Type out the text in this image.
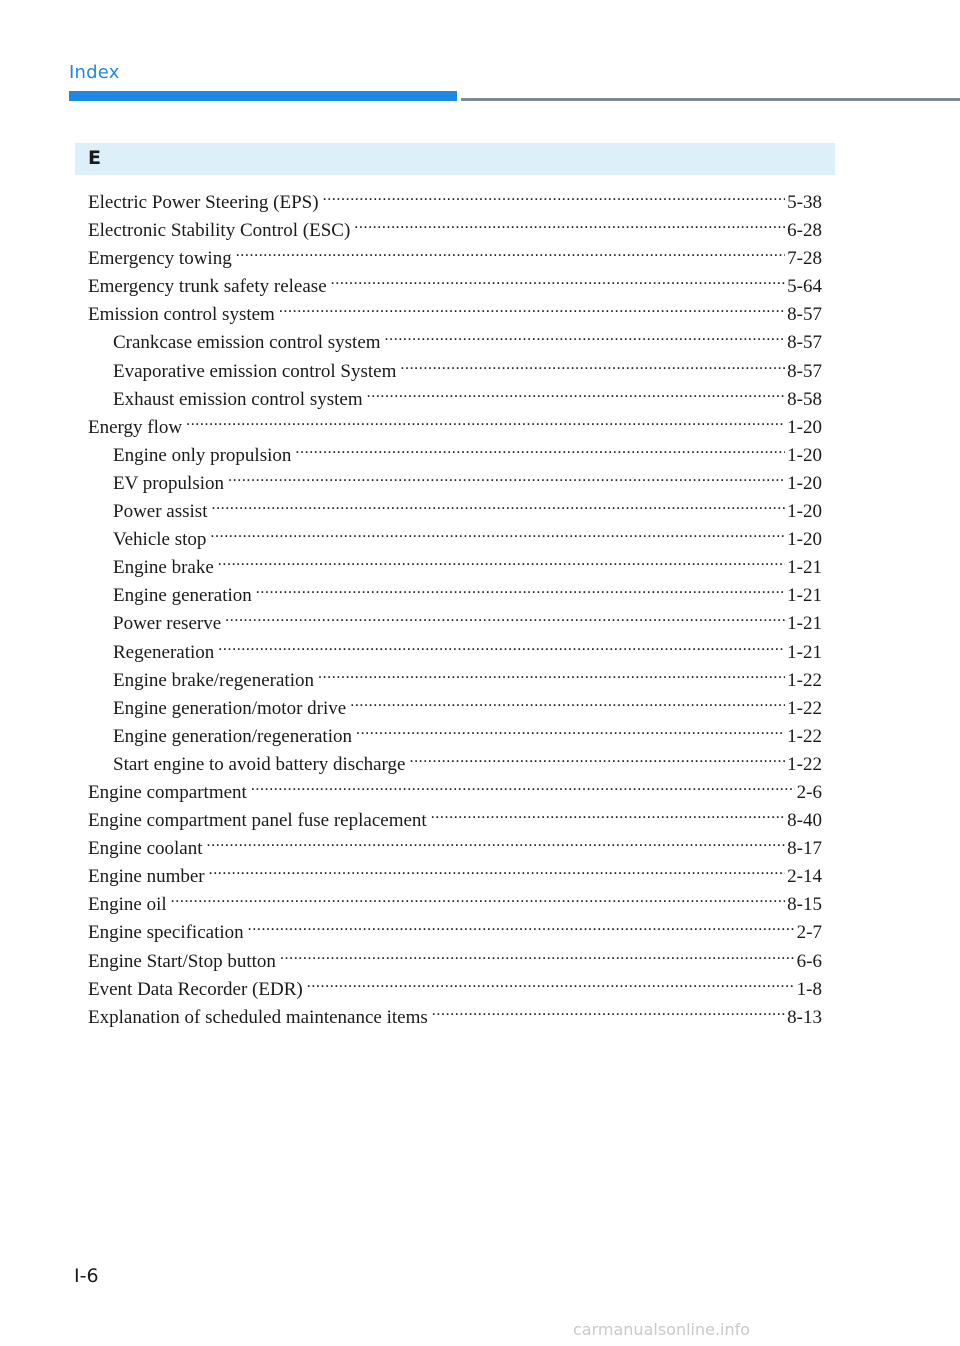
Index
E
Electric Power Steering (EPS) .....	5-38
Electronic Stability Control (ESC) .....	6-28
Emergency towing .....	7-28
Emergency trunk safety release .....	5-64
Emission control system .....	8-57
Crankcase emission control system .....	8-57
Evaporative emission control System .....	8-57
Exhaust emission control system .....	8-58
Energy flow .....	1-20
Engine only propulsion .....	1-20
EV propulsion .....	1-20
Power assist .....	1-20
Vehicle stop .....	1-20
Engine brake .....	1-21
Engine generation .....	1-21
Power reserve .....	1-21
Regeneration .....	1-21
Engine brake/regeneration .....	1-22
Engine generation/motor drive .....	1-22
Engine generation/regeneration .....	1-22
Start engine to avoid battery discharge .....	1-22
Engine compartment .....	2-6
Engine compartment panel fuse replacement .....	8-40
Engine coolant .....	8-17
Engine number .....	2-14
Engine oil .....	8-15
Engine specification .....	2-7
Engine Start/Stop button .....	6-6
Event Data Recorder (EDR) .....	1-8
Explanation of scheduled maintenance items .....	8-13
I-6
carmanualsonline.info
